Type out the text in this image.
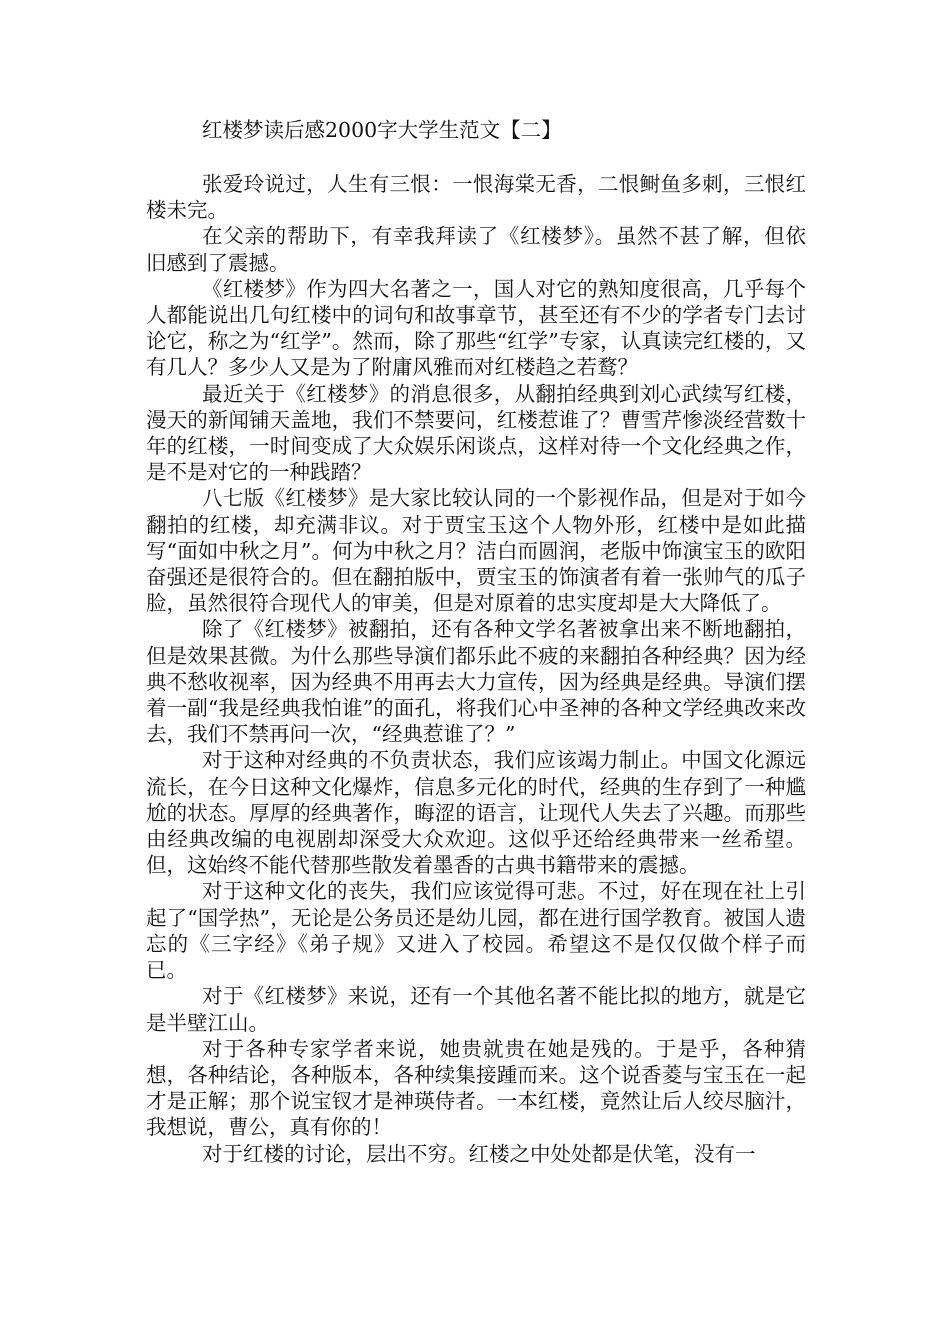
红楼梦读后感2000字大学生范文【二】

张爱玲说过，人生有三恨：一恨海棠无香，二恨鲥鱼多刺，三恨红楼未完。

在父亲的帮助下，有幸我拜读了《红楼梦》。虽然不甚了解，但依旧感到了震撼。

《红楼梦》作为四大名著之一，国人对它的熟知度很高，几乎每个人都能说出几句红楼中的词句和故事章节，甚至还有不少的学者专门去讨论它，称之为“红学”。然而，除了那些“红学”专家，认真读完红楼的，又有几人？多少人又是为了附庸风雅而对红楼趋之若鹜？

最近关于《红楼梦》的消息很多，从翻拍经典到刘心武续写红楼，漫天的新闻铺天盖地，我们不禁要问，红楼惹谁了？曹雪芹惨淡经营数十年的红楼，一时间变成了大众娱乐闲谈点，这样对待一个文化经典之作，是不是对它的一种践踏？

八七版《红楼梦》是大家比较认同的一个影视作品，但是对于如今翻拍的红楼，却充满非议。对于贾宝玉这个人物外形，红楼中是如此描写“面如中秋之月”。何为中秋之月？洁白而圆润，老版中饰演宝玉的欧阳奋强还是很符合的。但在翻拍版中，贾宝玉的饰演者有着一张帅气的瓜子脸，虽然很符合现代人的审美，但是对原着的忠实度却是大大降低了。

除了《红楼梦》被翻拍，还有各种文学名著被拿出来不断地翻拍，但是效果甚微。为什么那些导演们都乐此不疲的来翻拍各种经典？因为经典不愁收视率，因为经典不用再去大力宣传，因为经典是经典。导演们摆着一副“我是经典我怕谁”的面孔，将我们心中圣神的各种文学经典改来改去，我们不禁再问一次，“经典惹谁了？”

对于这种对经典的不负责状态，我们应该竭力制止。中国文化源远流长，在今日这种文化爆炸，信息多元化的时代，经典的生存到了一种尴尬的状态。厚厚的经典著作，晦涩的语言，让现代人失去了兴趣。而那些由经典改编的电视剧却深受大众欢迎。这似乎还给经典带来一丝希望。但，这始终不能代替那些散发着墨香的古典书籍带来的震撼。

对于这种文化的丧失，我们应该觉得可悲。不过，好在现在社上引起了“国学热”，无论是公务员还是幼儿园，都在进行国学教育。被国人遗忘的《三字经》《弟子规》又进入了校园。希望这不是仅仅做个样子而已。

对于《红楼梦》来说，还有一个其他名著不能比拟的地方，就是它是半壁江山。

对于各种专家学者来说，她贵就贵在她是残的。于是乎，各种猜想，各种结论，各种版本，各种续集接踵而来。这个说香菱与宝玉在一起才是正解；那个说宝钗才是神瑛侍者。一本红楼，竟然让后人绞尽脑汁，我想说，曹公，真有你的！

对于红楼的讨论，层出不穷。红楼之中处处都是伏笔，没有一
